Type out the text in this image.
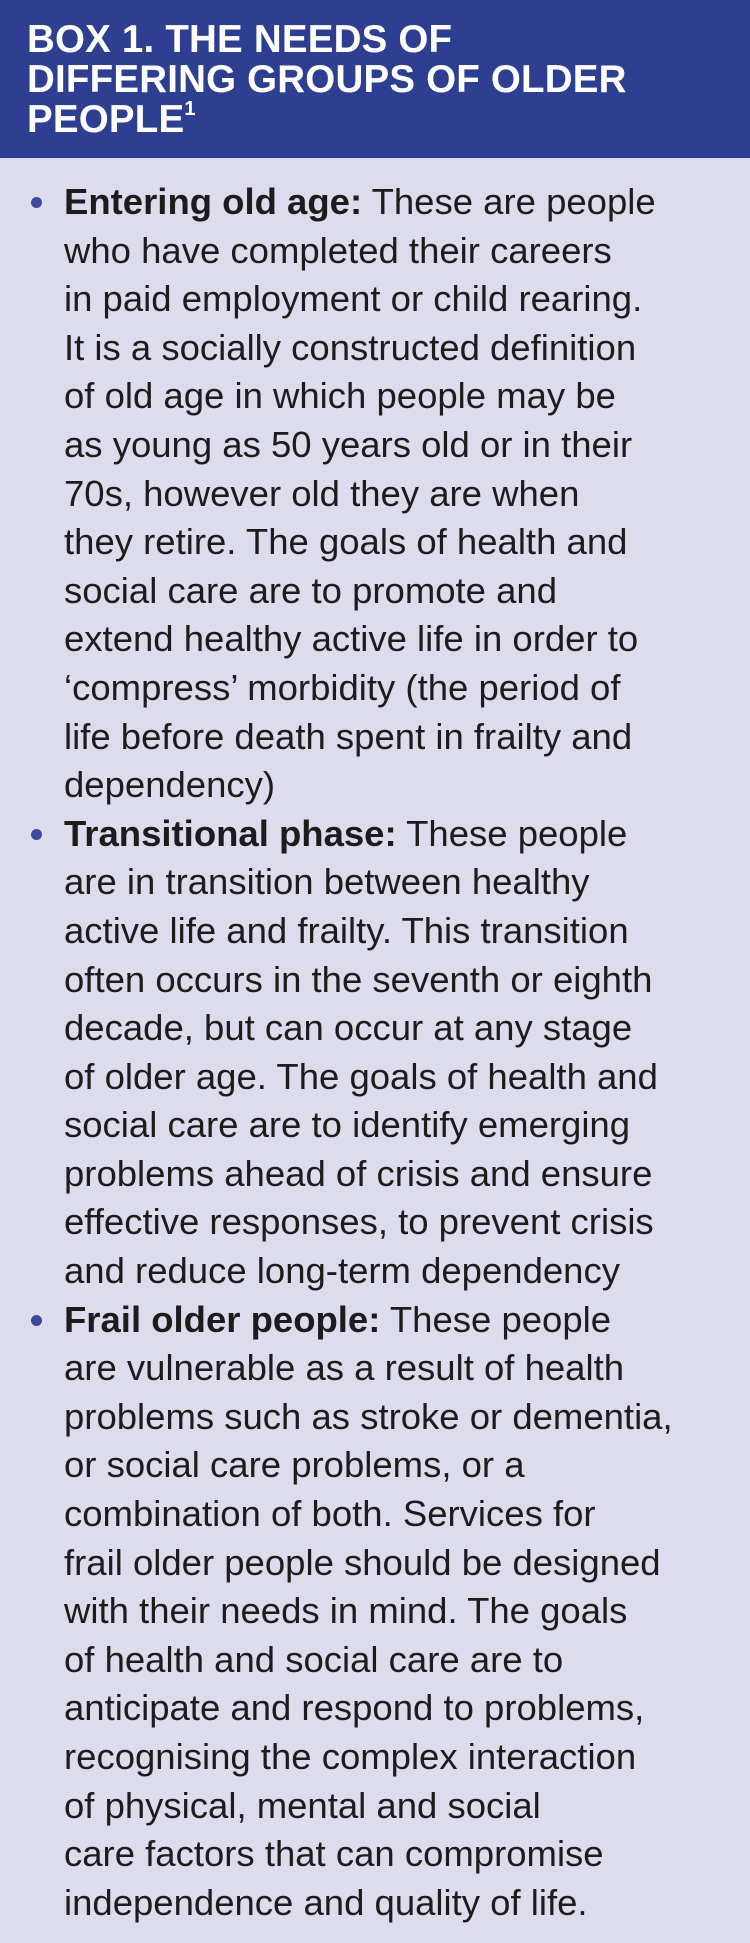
BOX 1. THE NEEDS OF
DIFFERING GROUPS OF OLDER
PEOPLE$^1$
Entering old age: These are people
who have completed their careers
in paid employment or child rearing.
It is a socially constructed definition
of old age in which people may be
as young as 50 years old or in their
70s, however old they are when
they retire. The goals of health and
social care are to promote and
extend healthy active life in order to
‘compress’ morbidity (the period of
life before death spent in frailty and
dependency)
Transitional phase: These people
are in transition between healthy
active life and frailty. This transition
often occurs in the seventh or eighth
decade, but can occur at any stage
of older age. The goals of health and
social care are to identify emerging
problems ahead of crisis and ensure
effective responses, to prevent crisis
and reduce long-term dependency
Frail older people: These people
are vulnerable as a result of health
problems such as stroke or dementia,
or social care problems, or a
combination of both. Services for
frail older people should be designed
with their needs in mind. The goals
of health and social care are to
anticipate and respond to problems,
recognising the complex interaction
of physical, mental and social
care factors that can compromise
independence and quality of life.
